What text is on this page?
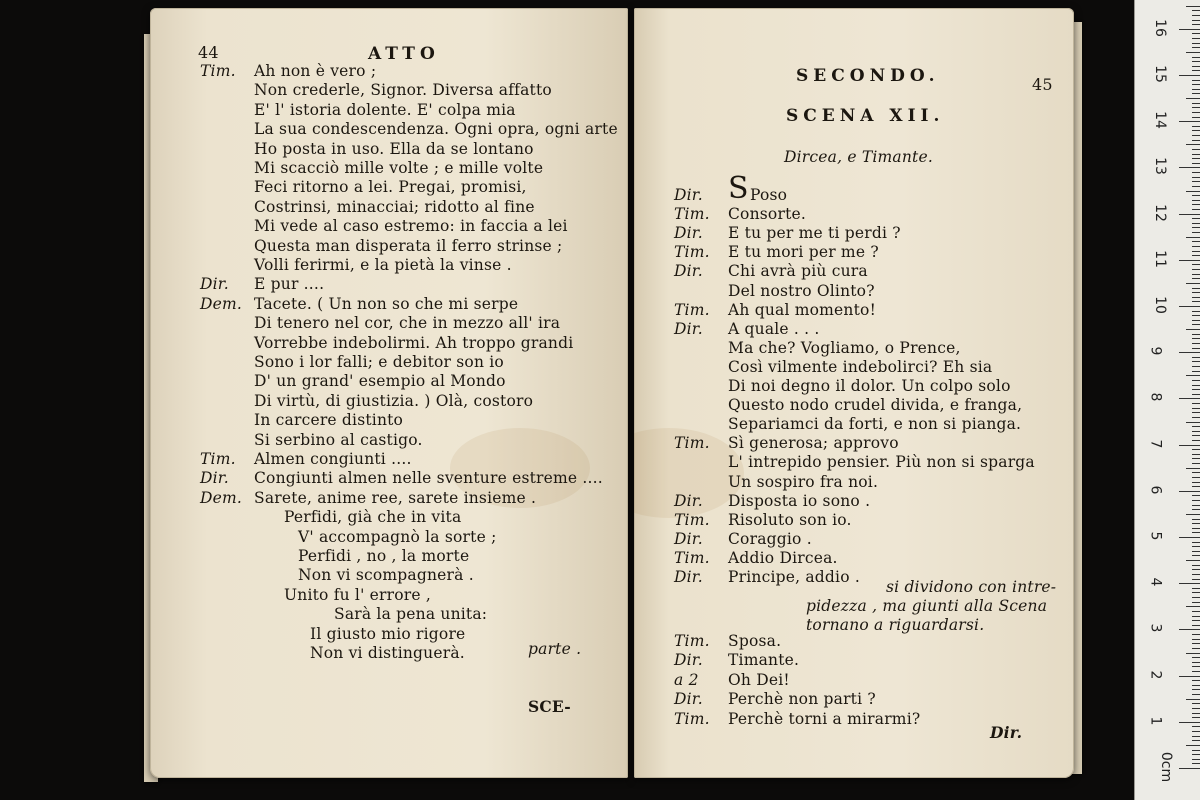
44	ATTO
Tim. Ah non è vero ;
Non crederle, Signor. Diversa affatto
E' l' istoria dolente. E' colpa mia
La sua condescendenza. Ogni opra, ogni arte
Ho posta in uso. Ella da se lontano
Mi scacciò mille volte ; e mille volte
Feci ritorno a lei. Pregai, promisi,
Costrinsi, minacciai; ridotto al fine
Mi vede al caso estremo: in faccia a lei
Questa man disperata il ferro strinse ;
Volli ferirmi, e la pietà la vinse .
Dir. E pur ....
Dem. Tacete. ( Un non so che mi serpe
Di tenero nel cor, che in mezzo all' ira
Vorrebbe indebolirmi. Ah troppo grandi
Sono i lor falli; e debitor son io
D' un grand' esempio al Mondo
Di virtù, di giustizia. ) Olà, costoro
In carcere distinto
Si serbino al castigo.
Tim. Almen congiunti ....
Dir. Congiunti almen nelle sventure estreme ....
Dem. Sarete, anime ree, sarete insieme .
Perfidi, già che in vita
V' accompagnò la sorte ;
Perfidi , no , la morte
Non vi scompagnerà .
Unito fu l' errore ,
Sarà la pena unita:
Il giusto mio rigore
Non vi distinguerà.	parte .
SCE-
SECONDO.	45
SCENA XII.
Dircea, e Timante.
Dir. S Poso
Tim. Consorte.
Dir. E tu per me ti perdi ?
Tim. E tu mori per me ?
Dir. Chi avrà più cura
Del nostro Olinto?
Tim. Ah qual momento!
Dir. A quale . . .
Ma che? Vogliamo, o Prence,
Così vilmente indebolirci? Eh sia
Di noi degno il dolor. Un colpo solo
Questo nodo crudel divida, e franga,
Separiamci da forti, e non si pianga.
Tim. Sì generosa; approvo
L' intrepido pensier. Più non si sparga
Un sospiro fra noi.
Dir. Disposta io sono .
Tim. Risoluto son io.
Dir. Coraggio .
Tim. Addio Dircea.
Dir. Principe, addio .
si dividono con intre-
pidezza , ma giunti alla Scena
tornano a riguardarsi.
Tim. Sposa.
Dir. Timante.
a 2 Oh Dei!
Dir. Perchè non parti ?
Tim. Perchè torni a mirarmi?
Dir.
0cm
1
2
3
4
5
6
7
8
9
10
11
12
13
14
15
16
